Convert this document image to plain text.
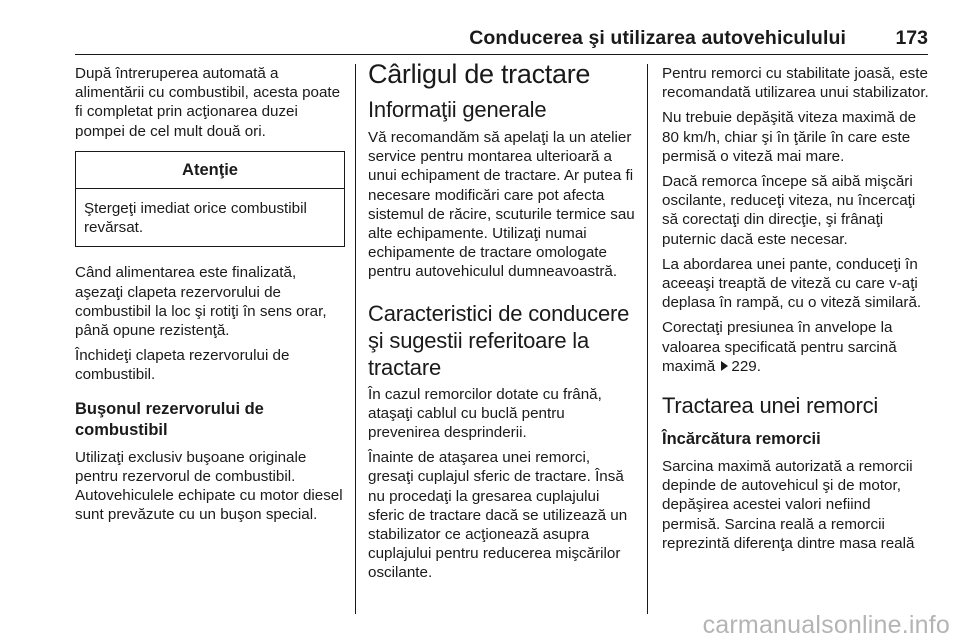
Conducerea şi utilizarea autovehiculului	173

După întreruperea automată a alimentării cu combustibil, acesta poate fi completat prin acţionarea duzei pompei de cel mult două ori.

Atenţie
Ştergeţi imediat orice combustibil revărsat.

Când alimentarea este finalizată, aşezaţi clapeta rezervorului de combustibil la loc şi rotiţi în sens orar, până opune rezistenţă.

Închideţi clapeta rezervorului de combustibil.

Buşonul rezervorului de combustibil

Utilizaţi exclusiv buşoane originale pentru rezervorul de combustibil. Autovehiculele echipate cu motor diesel sunt prevăzute cu un buşon special.

Cârligul de tractare
Informaţii generale

Vă recomandăm să apelaţi la un atelier service pentru montarea ulterioară a unui echipament de tractare. Ar putea fi necesare modificări care pot afecta sistemul de răcire, scuturile termice sau alte echipamente. Utilizaţi numai echipamente de tractare omologate pentru autovehiculul dumneavoastră.

Caracteristici de conducere şi sugestii referitoare la tractare

În cazul remorcilor dotate cu frână, ataşaţi cablul cu buclă pentru prevenirea desprinderii.

Înainte de ataşarea unei remorci, gresaţi cuplajul sferic de tractare. Însă nu procedaţi la gresarea cuplajului sferic de tractare dacă se utilizează un stabilizator ce acţionează asupra cuplajului pentru reducerea mişcărilor oscilante.

Pentru remorci cu stabilitate joasă, este recomandată utilizarea unui stabilizator.

Nu trebuie depăşită viteza maximă de 80 km/h, chiar şi în ţările în care este permisă o viteză mai mare.

Dacă remorca începe să aibă mişcări oscilante, reduceţi viteza, nu încercaţi să corectaţi din direcţie, şi frânaţi puternic dacă este necesar.

La abordarea unei pante, conduceţi în aceeaşi treaptă de viteză cu care v-aţi deplasa în rampă, cu o viteză similară.

Corectaţi presiunea în anvelope la valoarea specificată pentru sarcină maximă 229.

Tractarea unei remorci
Încărcătura remorcii

Sarcina maximă autorizată a remorcii depinde de autovehicul şi de motor, depăşirea acestei valori nefiind permisă. Sarcina reală a remorcii reprezintă diferenţa dintre masa reală

carmanualsonline.info
